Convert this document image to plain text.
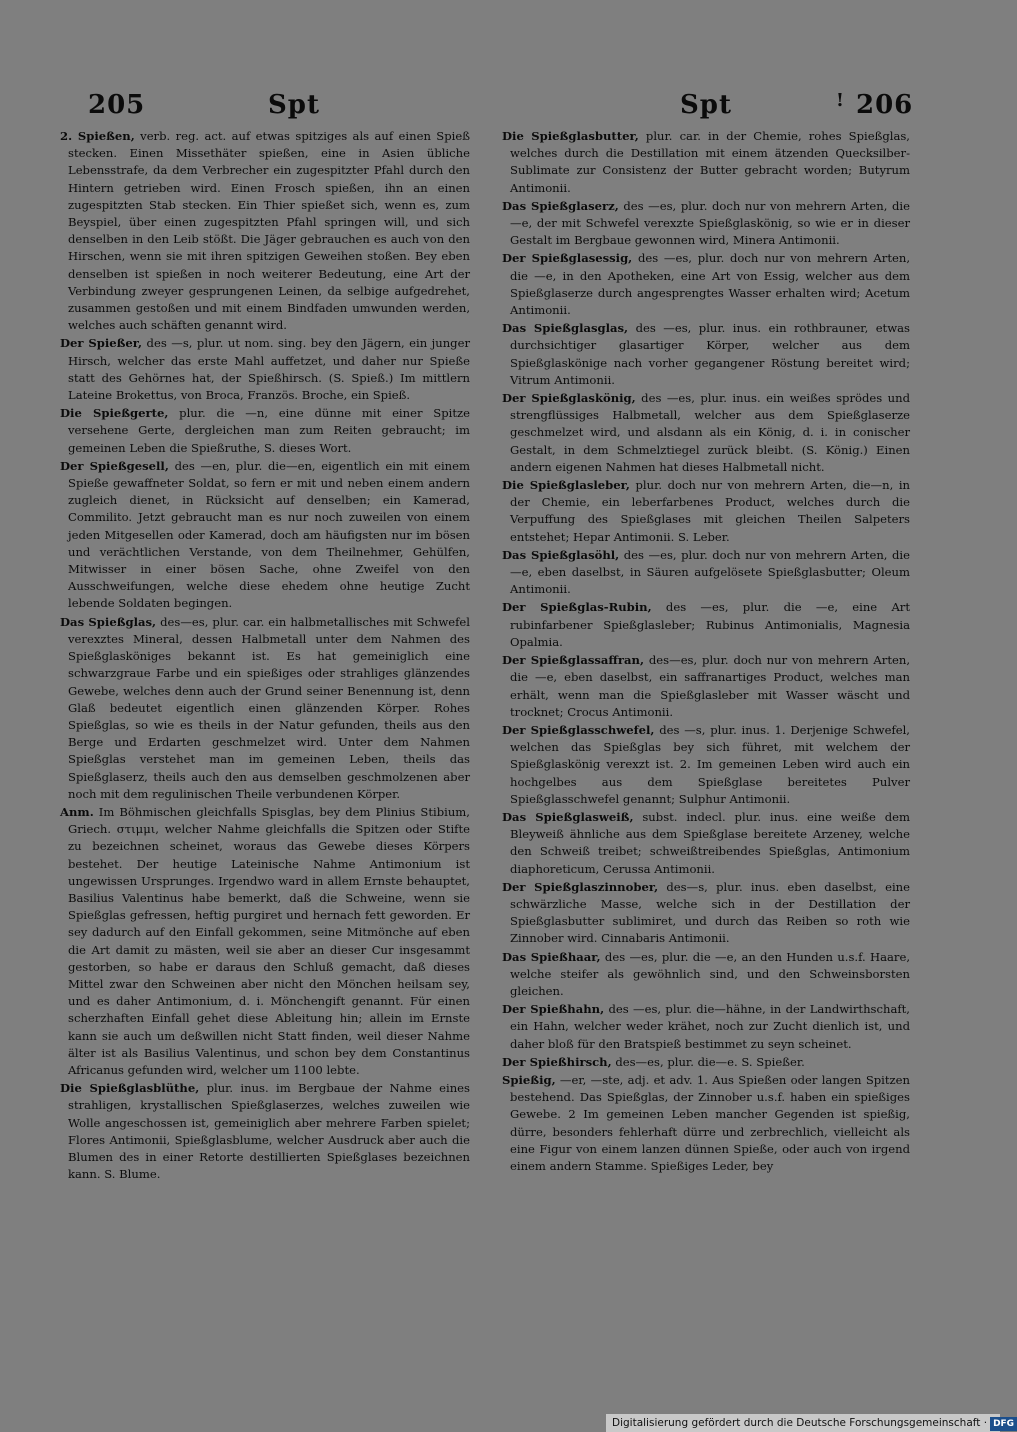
205	Spt	Spt	! 206

2. Spießen, verb. reg. act. auf etwas spitziges als auf einen Spieß stecken. Einen Missethäter spießen, eine in Asien übliche Lebensstrafe, da dem Verbrecher ein zugespitzter Pfahl durch den Hintern getrieben wird. Einen Frosch spießen, ihn an einen zugespitzten Stab stecken. Ein Thier spießet sich, wenn es, zum Beyspiel, über einen zugespitzten Pfahl springen will, und sich denselben in den Leib stößt. Die Jäger gebrauchen es auch von den Hirschen, wenn sie mit ihren spitzigen Geweihen stoßen. Bey eben denselben ist spießen in noch weiterer Bedeutung, eine Art der Verbindung zweyer gesprungenen Leinen, da selbige aufgedrehet, zusammen gestoßen und mit einem Bindfaden umwunden werden, welches auch schäften genannt wird.

Der Spießer, des —s, plur. ut nom. sing. bey den Jägern, ein junger Hirsch, welcher das erste Mahl auffetzet, und daher nur Spieße statt des Gehörnes hat, der Spießhirsch. (S. Spieß.) Im mittlern Lateine Brokettus, von Broca, Französ. Broche, ein Spieß.

Die Spießgerte, plur. die —n, eine dünne mit einer Spitze versehene Gerte, dergleichen man zum Reiten gebraucht; im gemeinen Leben die Spießruthe, S. dieses Wort.

Der Spießgesell, des —en, plur. die—en, eigentlich ein mit einem Spieße gewaffneter Soldat, so fern er mit und neben einem andern zugleich dienet, in Rücksicht auf denselben; ein Kamerad, Commilito. Jetzt gebraucht man es nur noch zuweilen von einem jeden Mitgesellen oder Kamerad, doch am häufigsten nur im bösen und verächtlichen Verstande, von dem Theilnehmer, Gehülfen, Mitwisser in einer bösen Sache, ohne Zweifel von den Ausschweifungen, welche diese ehedem ohne heutige Zucht lebende Soldaten begingen.

Das Spießglas, des—es, plur. car. ein halbmetallisches mit Schwefel verexztes Mineral, dessen Halbmetall unter dem Nahmen des Spießglasköniges bekannt ist. Es hat gemeiniglich eine schwarzgraue Farbe und ein spießiges oder strahliges glänzendes Gewebe, welches denn auch der Grund seiner Benennung ist, denn Glaß bedeutet eigentlich einen glänzenden Körper. Rohes Spießglas, so wie es theils in der Natur gefunden, theils aus den Berge und Erdarten geschmelzet wird. Unter dem Nahmen Spießglas verstehet man im gemeinen Leben, theils das Spießglaserz, theils auch den aus demselben geschmolzenen aber noch mit dem regulinischen Theile verbundenen Körper.

Anm. Im Böhmischen gleichfalls Spisglas, bey dem Plinius Stibium, Griech. στιμμι, welcher Nahme gleichfalls die Spitzen oder Stifte zu bezeichnen scheinet, woraus das Gewebe dieses Körpers bestehet. Der heutige Lateinische Nahme Antimonium ist ungewissen Ursprunges. Irgendwo ward in allem Ernste behauptet, Basilius Valentinus habe bemerkt, daß die Schweine, wenn sie Spießglas gefressen, heftig purgiret und hernach fett geworden. Er sey dadurch auf den Einfall gekommen, seine Mitmönche auf eben die Art damit zu mästen, weil sie aber an dieser Cur insgesammt gestorben, so habe er daraus den Schluß gemacht, daß dieses Mittel zwar den Schweinen aber nicht den Mönchen heilsam sey, und es daher Antimonium, d. i. Mönchengift genannt. Für einen scherzhaften Einfall gehet diese Ableitung hin; allein im Ernste kann sie auch um deßwillen nicht Statt finden, weil dieser Nahme älter ist als Basilius Valentinus, und schon bey dem Constantinus Africanus gefunden wird, welcher um 1100 lebte.

Die Spießglasblüthe, plur. inus. im Bergbaue der Nahme eines strahligen, krystallischen Spießglaserzes, welches zuweilen wie Wolle angeschossen ist, gemeiniglich aber mehrere Farben spielet; Flores Antimonii, Spießglasblume, welcher Ausdruck aber auch die Blumen des in einer Retorte destillierten Spießglases bezeichnen kann. S. Blume.

Die Spießglasbutter, plur. car. in der Chemie, rohes Spießglas, welches durch die Destillation mit einem ätzenden Quecksilber-Sublimate zur Consistenz der Butter gebracht worden; Butyrum Antimonii.

Das Spießglaserz, des —es, plur. doch nur von mehrern Arten, die —e, der mit Schwefel verexzte Spießglaskönig, so wie er in dieser Gestalt im Bergbaue gewonnen wird, Minera Antimonii.

Der Spießglasessig, des —es, plur. doch nur von mehrern Arten, die —e, in den Apotheken, eine Art von Essig, welcher aus dem Spießglaserze durch angesprengtes Wasser erhalten wird; Acetum Antimonii.

Das Spießglasglas, des —es, plur. inus. ein rothbrauner, etwas durchsichtiger glasartiger Körper, welcher aus dem Spießglaskönige nach vorher gegangener Röstung bereitet wird; Vitrum Antimonii.

Der Spießglaskönig, des —es, plur. inus. ein weißes sprödes und strengflüssiges Halbmetall, welcher aus dem Spießglaserze geschmelzet wird, und alsdann als ein König, d. i. in conischer Gestalt, in dem Schmelztiegel zurück bleibt. (S. König.) Einen andern eigenen Nahmen hat dieses Halbmetall nicht.

Die Spießglasleber, plur. doch nur von mehrern Arten, die—n, in der Chemie, ein leberfarbenes Product, welches durch die Verpuffung des Spießglases mit gleichen Theilen Salpeters entstehet; Hepar Antimonii. S. Leber.

Das Spießglasöhl, des —es, plur. doch nur von mehrern Arten, die—e, eben daselbst, in Säuren aufgelösete Spießglasbutter; Oleum Antimonii.

Der Spießglas-Rubin, des —es, plur. die —e, eine Art rubinfarbener Spießglasleber; Rubinus Antimonialis, Magnesia Opalmia.

Der Spießglassaffran, des—es, plur. doch nur von mehrern Arten, die —e, eben daselbst, ein saffranartiges Product, welches man erhält, wenn man die Spießglasleber mit Wasser wäscht und trocknet; Crocus Antimonii.

Der Spießglasschwefel, des —s, plur. inus. 1. Derjenige Schwefel, welchen das Spießglas bey sich führet, mit welchem der Spießglaskönig verexzt ist. 2. Im gemeinen Leben wird auch ein hochgelbes aus dem Spießglase bereitetes Pulver Spießglasschwefel genannt; Sulphur Antimonii.

Das Spießglasweiß, subst. indecl. plur. inus. eine weiße dem Bleyweiß ähnliche aus dem Spießglase bereitete Arzeney, welche den Schweiß treibet; schweißtreibendes Spießglas, Antimonium diaphoreticum, Cerussa Antimonii.

Der Spießglaszinnober, des—s, plur. inus. eben daselbst, eine schwärzliche Masse, welche sich in der Destillation der Spießglasbutter sublimiret, und durch das Reiben so roth wie Zinnober wird. Cinnabaris Antimonii.

Das Spießhaar, des —es, plur. die —e, an den Hunden u.s.f. Haare, welche steifer als gewöhnlich sind, und den Schweinsborsten gleichen.

Der Spießhahn, des —es, plur. die—hähne, in der Landwirthschaft, ein Hahn, welcher weder krähet, noch zur Zucht dienlich ist, und daher bloß für den Bratspieß bestimmet zu seyn scheinet.

Der Spießhirsch, des—es, plur. die—e. S. Spießer.

Spießig, —er, —ste, adj. et adv. 1. Aus Spießen oder langen Spitzen bestehend. Das Spießglas, der Zinnober u.s.f. haben ein spießiges Gewebe. 2 Im gemeinen Leben mancher Gegenden ist spießig, dürre, besonders fehlerhaft dürre und zerbrechlich, vielleicht als eine Figur von einem lanzen dünnen Spieße, oder auch von irgend einem andern Stamme. Spießiges Leder, bey

Digitalisierung gefördert durch die Deutsche Forschungsgemeinschaft · DFG
